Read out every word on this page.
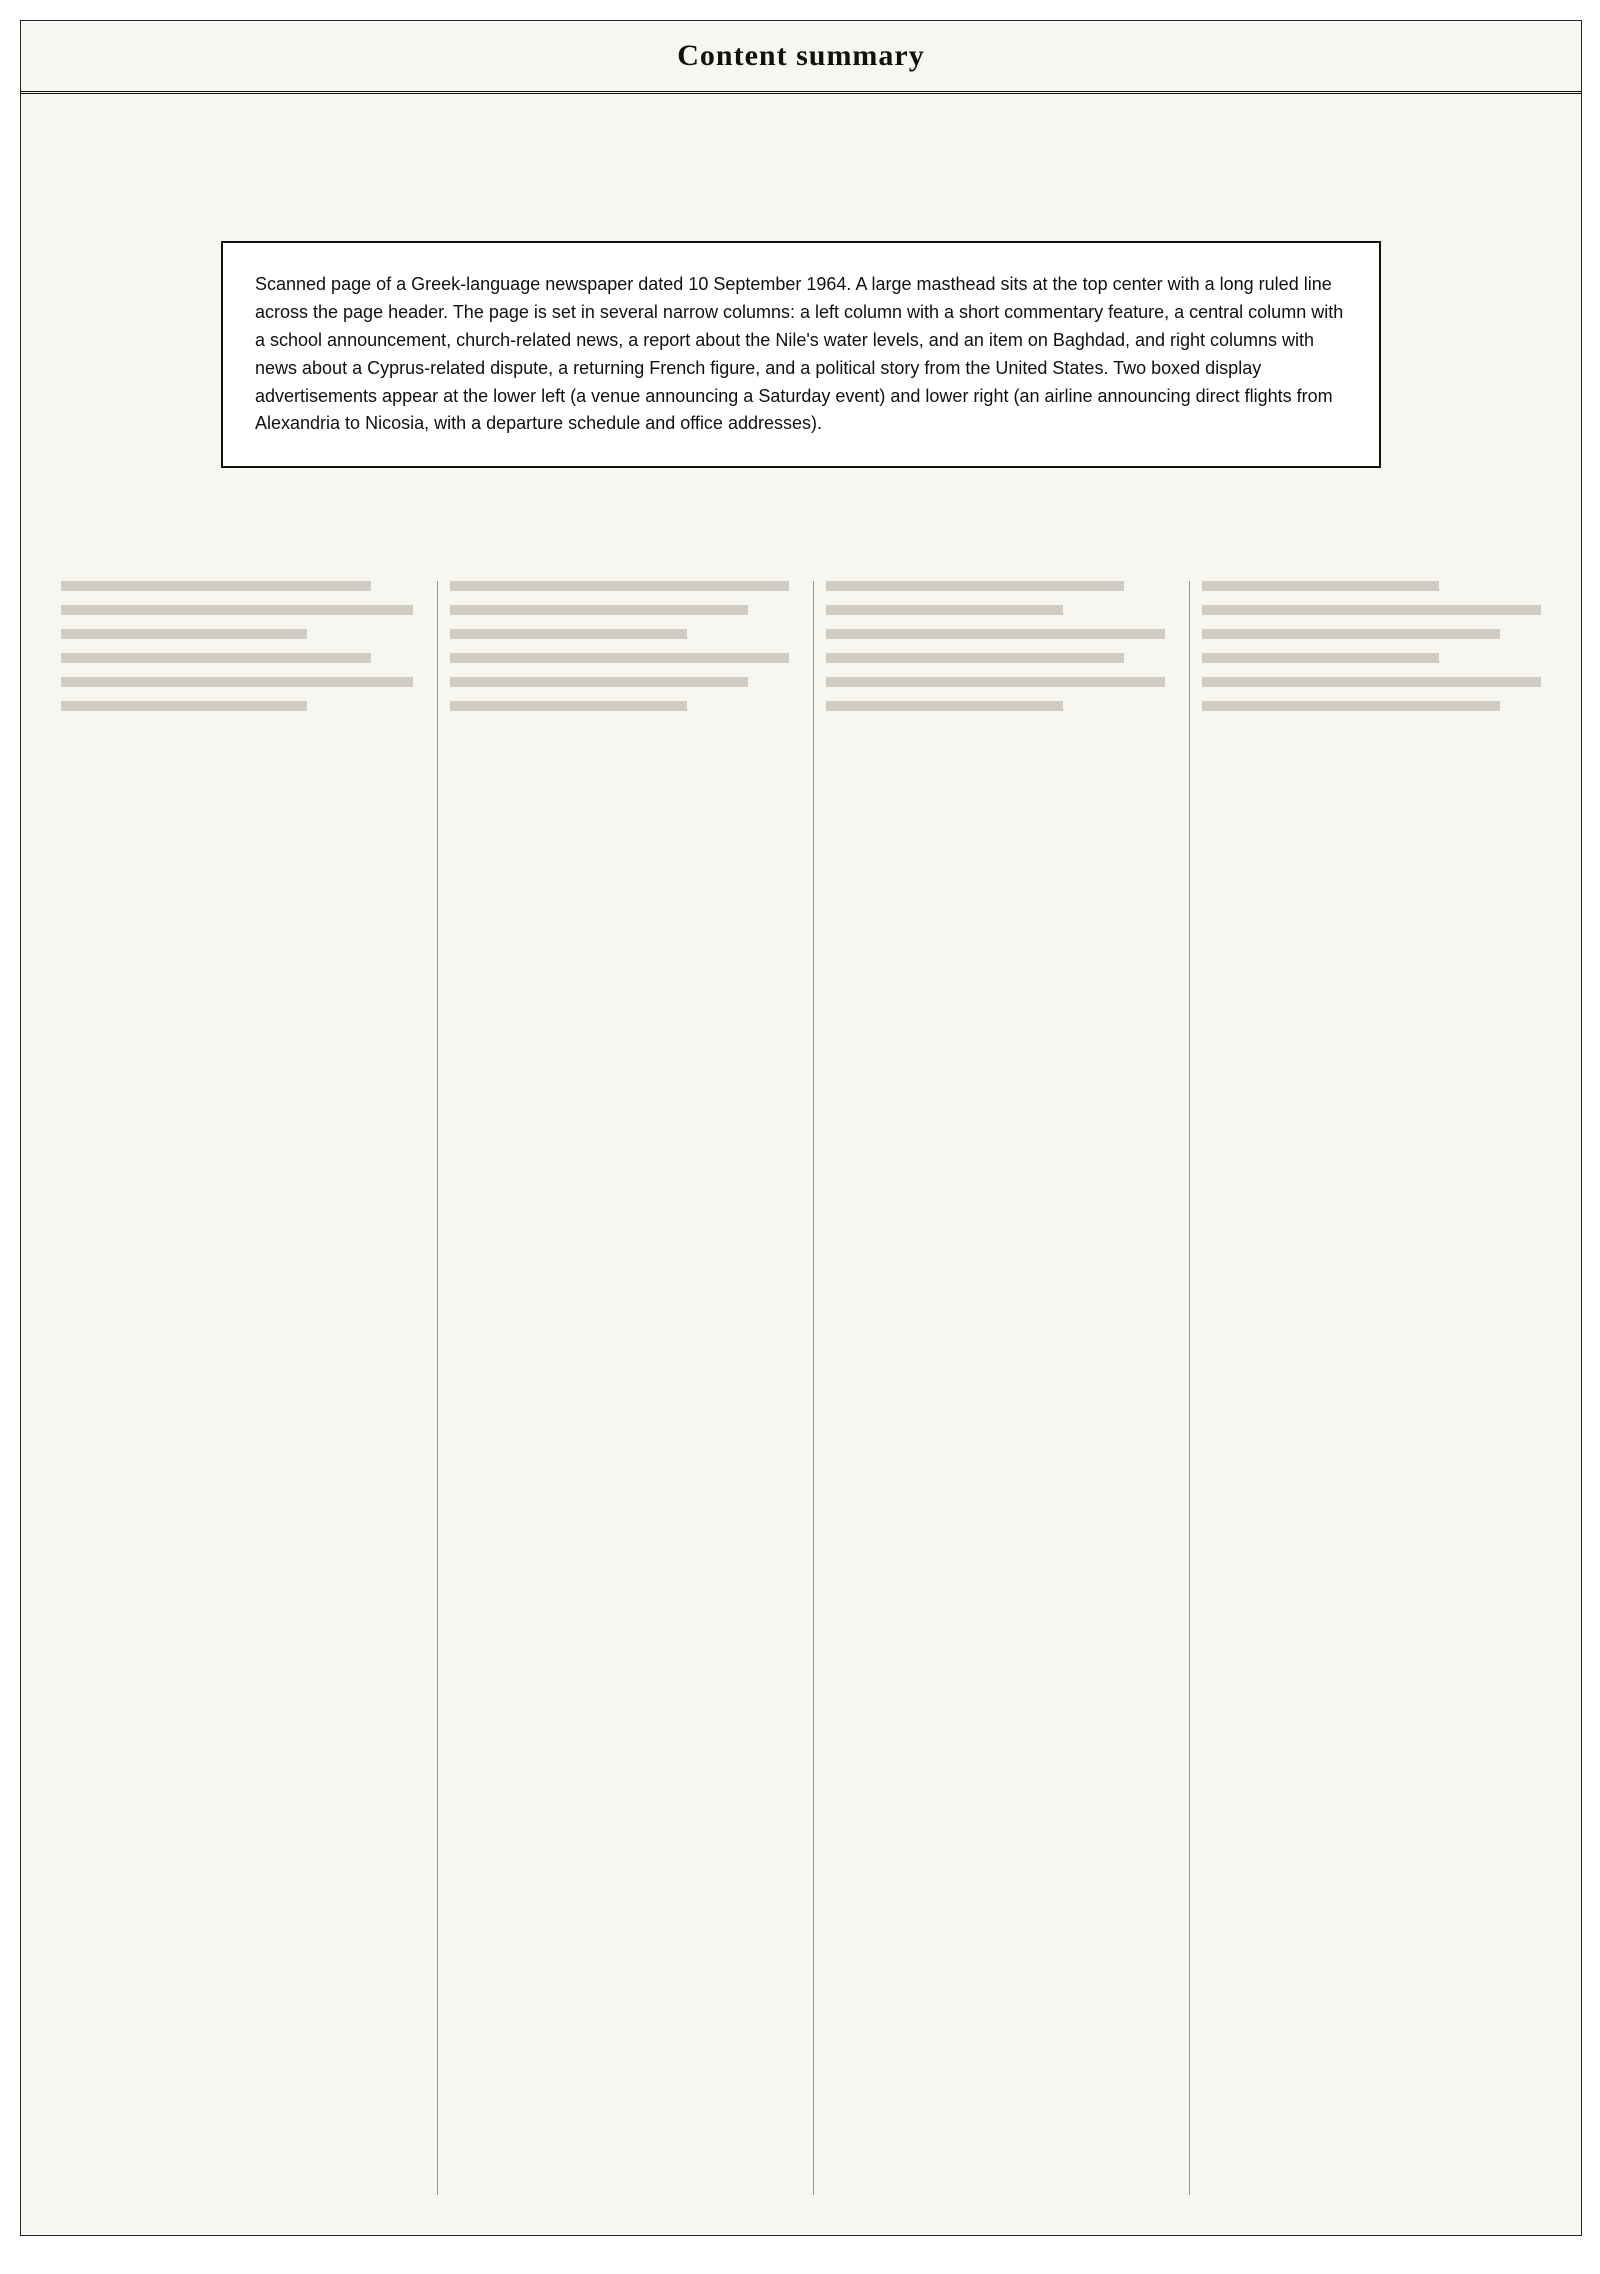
Content summary

Scanned page of a Greek-language newspaper dated 10 September 1964. A large masthead sits at the top center with a long ruled line across the page header. The page is set in several narrow columns: a left column with a short commentary feature, a central column with a school announcement, church-related news, a report about the Nile's water levels, and an item on Baghdad, and right columns with news about a Cyprus-related dispute, a returning French figure, and a political story from the United States. Two boxed display advertisements appear at the lower left (a venue announcing a Saturday event) and lower right (an airline announcing direct flights from Alexandria to Nicosia, with a departure schedule and office addresses).
